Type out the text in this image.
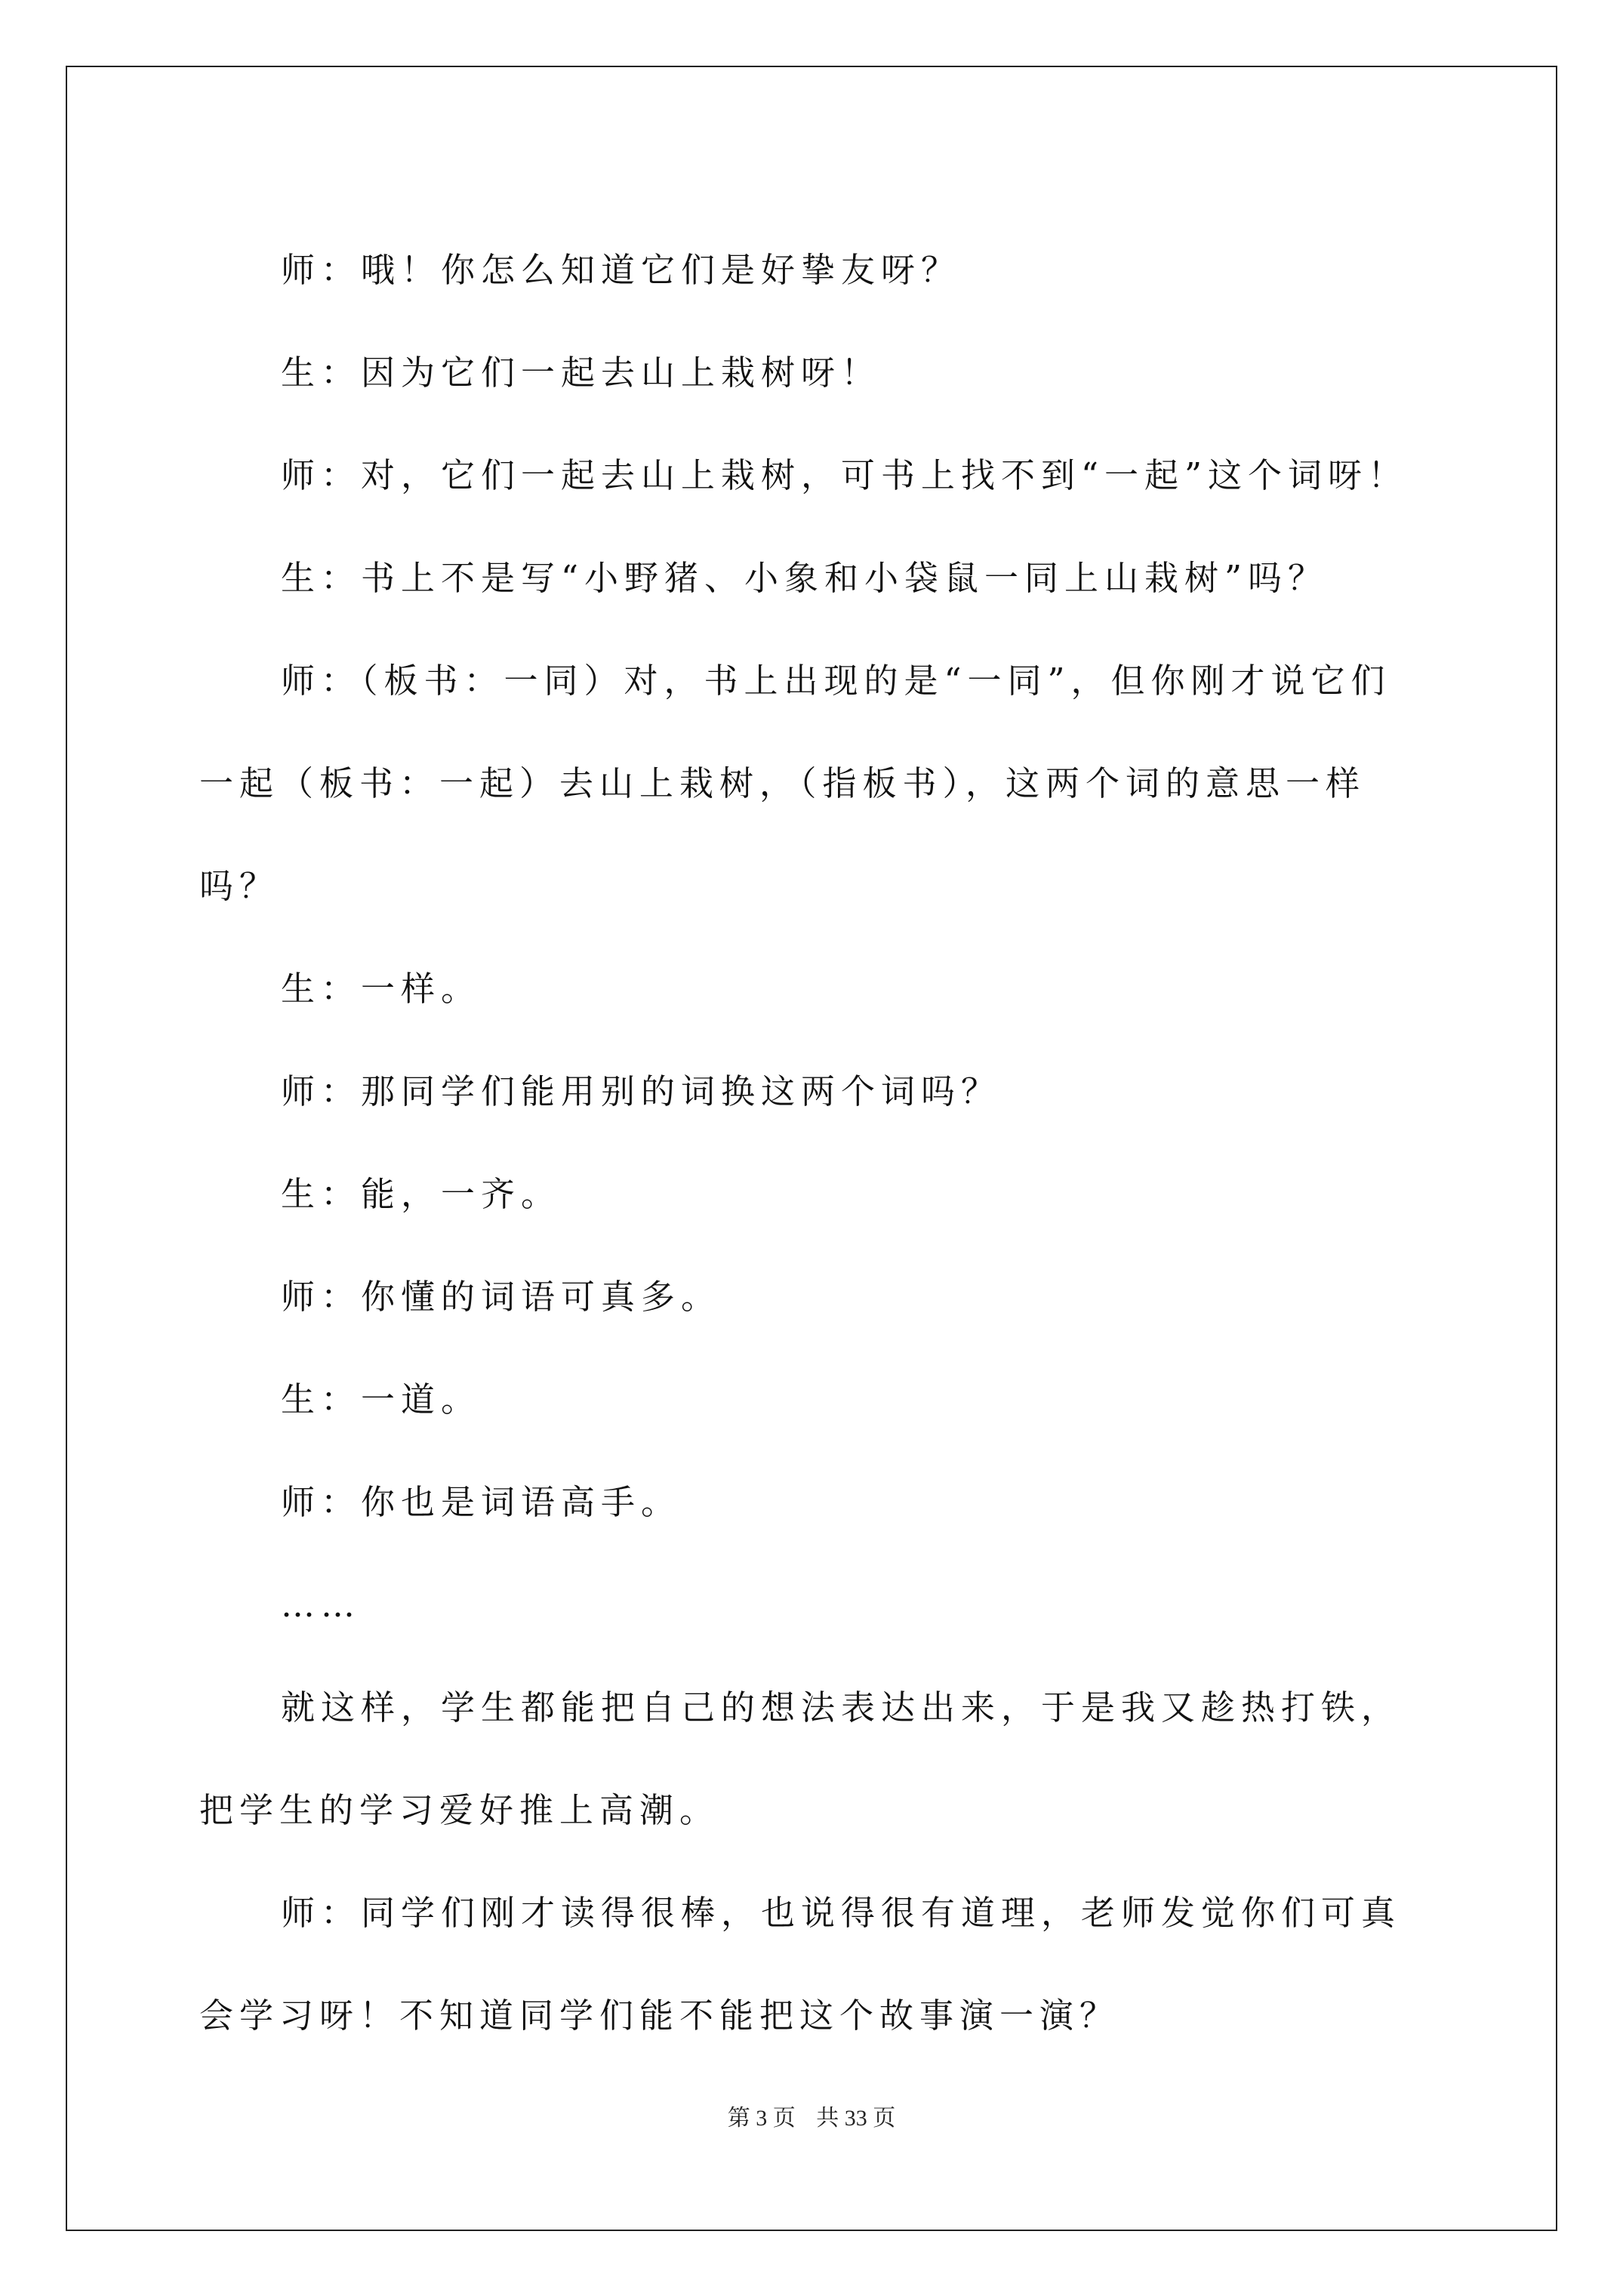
师：哦！你怎么知道它们是好挚友呀？

生：因为它们一起去山上栽树呀！

师：对，它们一起去山上栽树，可书上找不到“一起”这个词呀！

生：书上不是写“小野猪、小象和小袋鼠一同上山栽树”吗？

师：（板书：一同）对，书上出现的是“一同”，但你刚才说它们

一起（板书：一起）去山上栽树，（指板书），这两个词的意思一样吗？

生：一样。

师：那同学们能用别的词换这两个词吗？

生：能，一齐。

师：你懂的词语可真多。

生：一道。

师：你也是词语高手。

……

就这样，学生都能把自己的想法表达出来，于是我又趁热打铁，

把学生的学习爱好推上高潮。

师：同学们刚才读得很棒，也说得很有道理，老师发觉你们可真

会学习呀！不知道同学们能不能把这个故事演一演？

第 3 页 共 33 页
